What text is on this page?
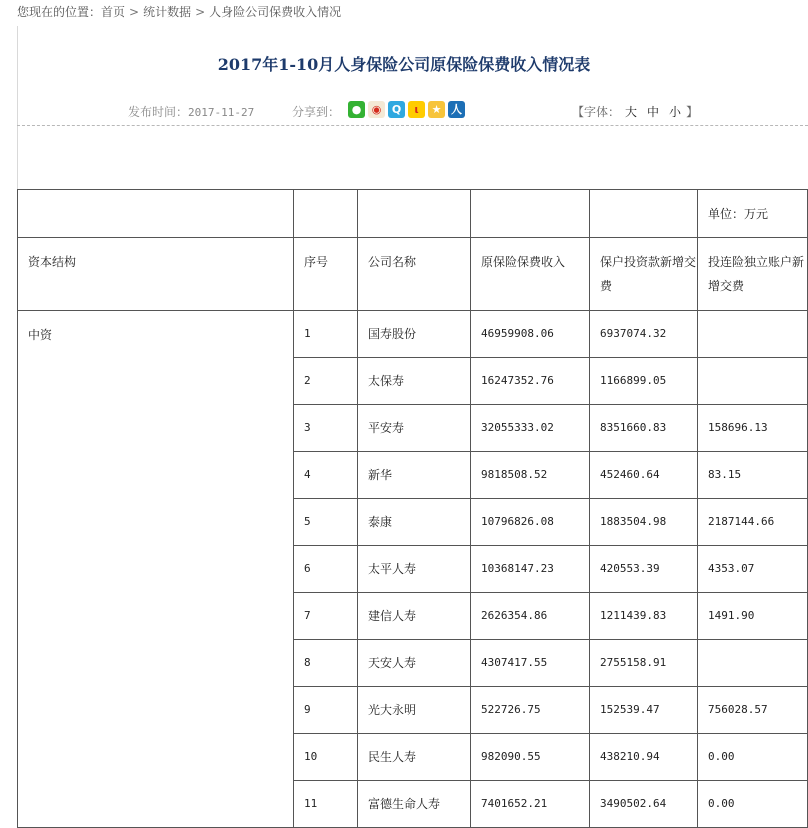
您现在的位置：首页 > 统计数据 > 人身险公司保费收入情况
2017年1-10月人身保险公司原保险保费收入情况表
发布时间：2017-11-27	分享到：	● ◉ Q	ι	★ 人	【字体： 大 中 小 】
					单位：万元
资本结构	序号	公司名称	原保险保费收入	保户投资款新增交费	投连险独立账户新增交费
中资	1	国寿股份	46959908.06	6937074.32	
	2	太保寿	16247352.76	1166899.05	
	3	平安寿	32055333.02	8351660.83	158696.13
	4	新华	9818508.52	452460.64	83.15
	5	泰康	10796826.08	1883504.98	2187144.66
	6	太平人寿	10368147.23	420553.39	4353.07
	7	建信人寿	2626354.86	1211439.83	1491.90
	8	天安人寿	4307417.55	2755158.91	
	9	光大永明	522726.75	152539.47	756028.57
	10	民生人寿	982090.55	438210.94	0.00
	11	富德生命人寿	7401652.21	3490502.64	0.00
